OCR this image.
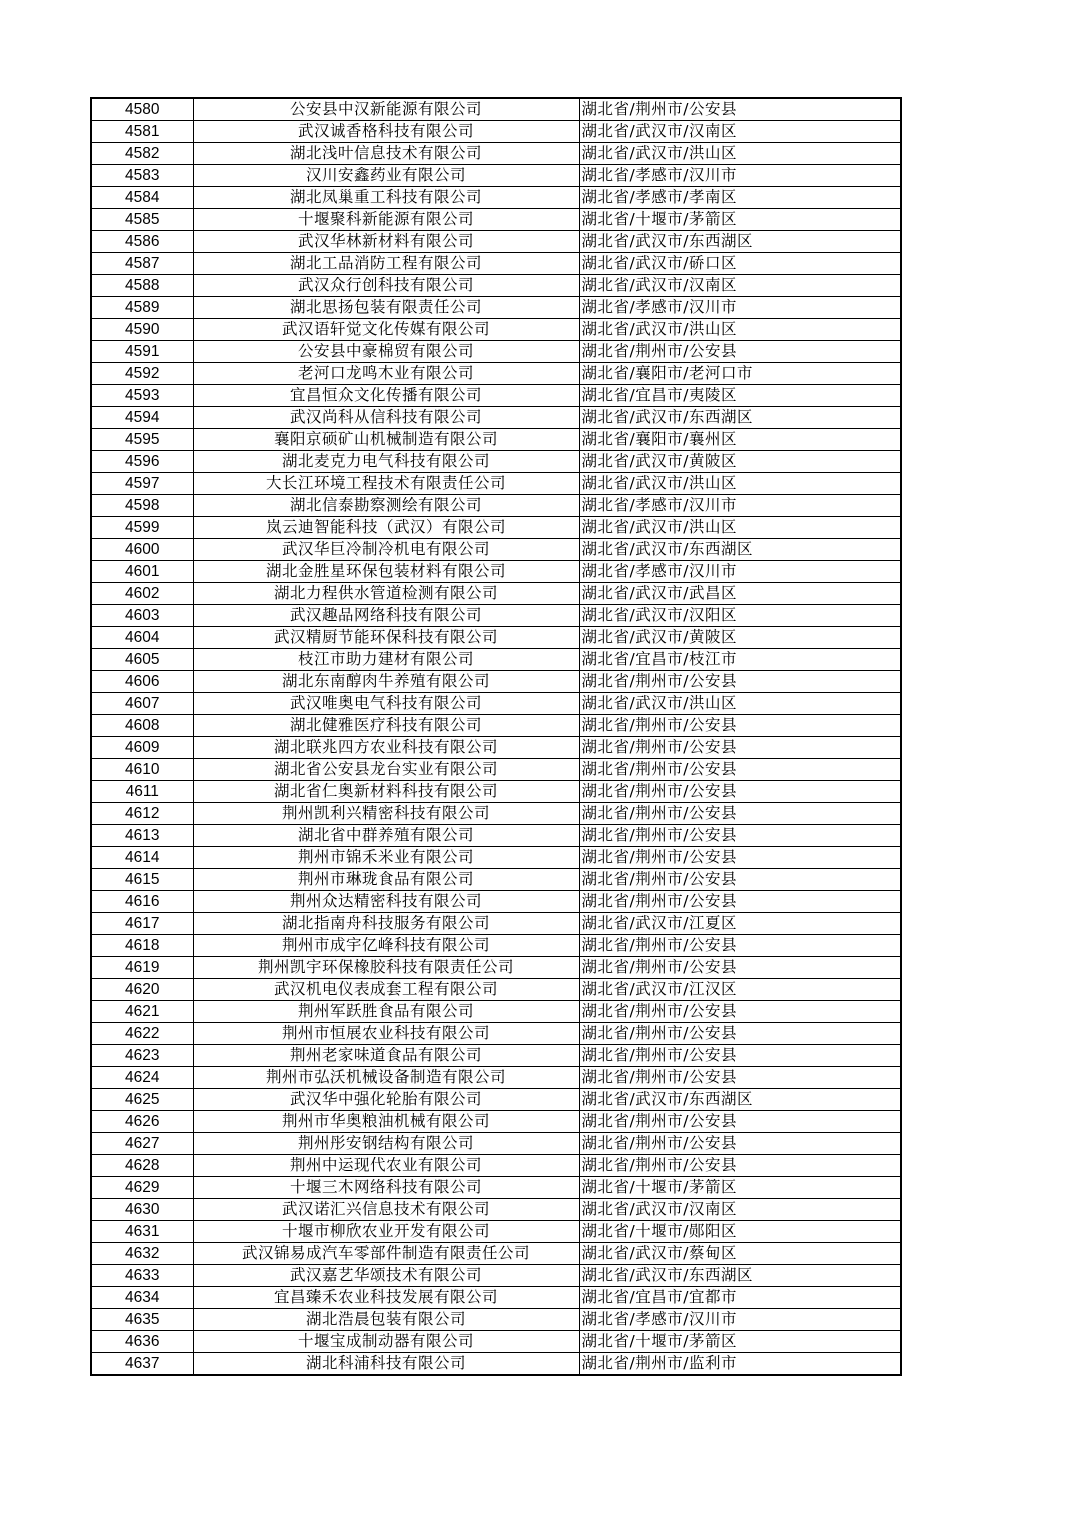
4580	公安县中汉新能源有限公司	湖北省/荆州市/公安县
4581	武汉诚香格科技有限公司	湖北省/武汉市/汉南区
4582	湖北浅叶信息技术有限公司	湖北省/武汉市/洪山区
4583	汉川安鑫药业有限公司	湖北省/孝感市/汉川市
4584	湖北凤巢重工科技有限公司	湖北省/孝感市/孝南区
4585	十堰聚科新能源有限公司	湖北省/十堰市/茅箭区
4586	武汉华林新材料有限公司	湖北省/武汉市/东西湖区
4587	湖北工品消防工程有限公司	湖北省/武汉市/硚口区
4588	武汉众行创科技有限公司	湖北省/武汉市/汉南区
4589	湖北思扬包装有限责任公司	湖北省/孝感市/汉川市
4590	武汉语轩觉文化传媒有限公司	湖北省/武汉市/洪山区
4591	公安县中豪棉贸有限公司	湖北省/荆州市/公安县
4592	老河口龙鸣木业有限公司	湖北省/襄阳市/老河口市
4593	宜昌恒众文化传播有限公司	湖北省/宜昌市/夷陵区
4594	武汉尚科从信科技有限公司	湖北省/武汉市/东西湖区
4595	襄阳京硕矿山机械制造有限公司	湖北省/襄阳市/襄州区
4596	湖北麦克力电气科技有限公司	湖北省/武汉市/黄陂区
4597	大长江环境工程技术有限责任公司	湖北省/武汉市/洪山区
4598	湖北信泰勘察测绘有限公司	湖北省/孝感市/汉川市
4599	岚云迪智能科技（武汉）有限公司	湖北省/武汉市/洪山区
4600	武汉华巨冷制冷机电有限公司	湖北省/武汉市/东西湖区
4601	湖北金胜星环保包装材料有限公司	湖北省/孝感市/汉川市
4602	湖北力程供水管道检测有限公司	湖北省/武汉市/武昌区
4603	武汉趣品网络科技有限公司	湖北省/武汉市/汉阳区
4604	武汉精厨节能环保科技有限公司	湖北省/武汉市/黄陂区
4605	枝江市助力建材有限公司	湖北省/宜昌市/枝江市
4606	湖北东南醇肉牛养殖有限公司	湖北省/荆州市/公安县
4607	武汉唯奥电气科技有限公司	湖北省/武汉市/洪山区
4608	湖北健雅医疗科技有限公司	湖北省/荆州市/公安县
4609	湖北联兆四方农业科技有限公司	湖北省/荆州市/公安县
4610	湖北省公安县龙台实业有限公司	湖北省/荆州市/公安县
4611	湖北省仁奥新材料科技有限公司	湖北省/荆州市/公安县
4612	荆州凯利兴精密科技有限公司	湖北省/荆州市/公安县
4613	湖北省中群养殖有限公司	湖北省/荆州市/公安县
4614	荆州市锦禾米业有限公司	湖北省/荆州市/公安县
4615	荆州市琳珑食品有限公司	湖北省/荆州市/公安县
4616	荆州众达精密科技有限公司	湖北省/荆州市/公安县
4617	湖北指南舟科技服务有限公司	湖北省/武汉市/江夏区
4618	荆州市成宇亿峰科技有限公司	湖北省/荆州市/公安县
4619	荆州凯宇环保橡胶科技有限责任公司	湖北省/荆州市/公安县
4620	武汉机电仪表成套工程有限公司	湖北省/武汉市/江汉区
4621	荆州军跃胜食品有限公司	湖北省/荆州市/公安县
4622	荆州市恒展农业科技有限公司	湖北省/荆州市/公安县
4623	荆州老家味道食品有限公司	湖北省/荆州市/公安县
4624	荆州市弘沃机械设备制造有限公司	湖北省/荆州市/公安县
4625	武汉华中强化轮胎有限公司	湖北省/武汉市/东西湖区
4626	荆州市华奥粮油机械有限公司	湖北省/荆州市/公安县
4627	荆州彤安钢结构有限公司	湖北省/荆州市/公安县
4628	荆州中运现代农业有限公司	湖北省/荆州市/公安县
4629	十堰三木网络科技有限公司	湖北省/十堰市/茅箭区
4630	武汉诺汇兴信息技术有限公司	湖北省/武汉市/汉南区
4631	十堰市柳欣农业开发有限公司	湖北省/十堰市/郧阳区
4632	武汉锦易成汽车零部件制造有限责任公司	湖北省/武汉市/蔡甸区
4633	武汉嘉艺华颂技术有限公司	湖北省/武汉市/东西湖区
4634	宜昌臻禾农业科技发展有限公司	湖北省/宜昌市/宜都市
4635	湖北浩晨包装有限公司	湖北省/孝感市/汉川市
4636	十堰宝成制动器有限公司	湖北省/十堰市/茅箭区
4637	湖北科浦科技有限公司	湖北省/荆州市/监利市
